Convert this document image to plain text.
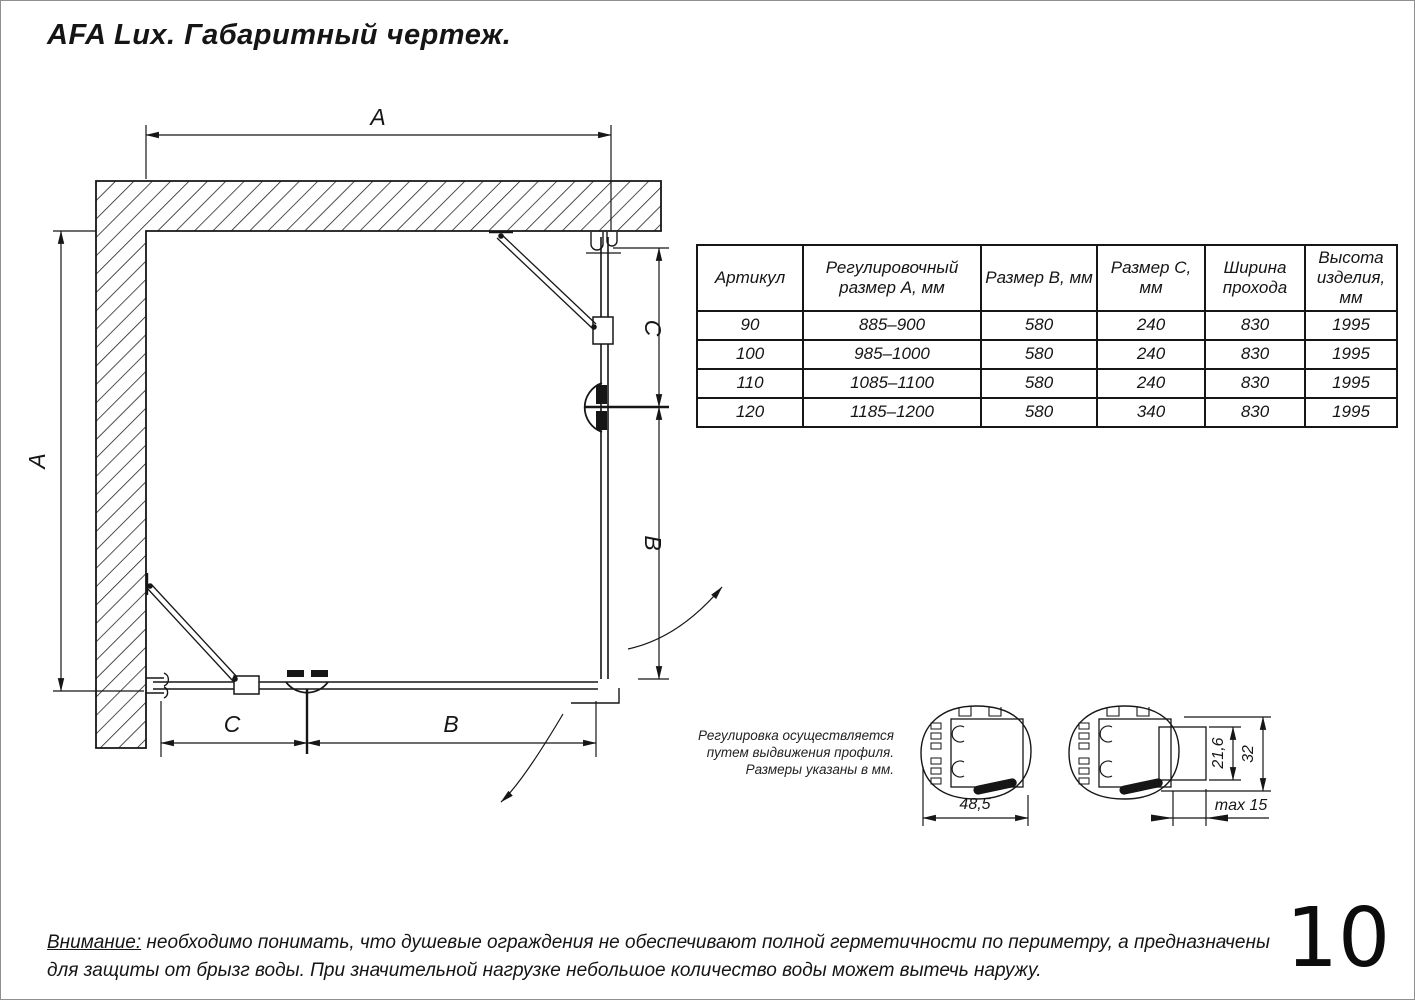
AFA Lux. Габаритный чертеж.
A
A
C
B
C	B
48,5
21,6 32
max 15
Артикул	Регулировочный размер А, мм	Размер В, мм	Размер С, мм	Ширина прохода	Высота изделия, мм
90	885–900	580	240	830	1995
100	985–1000	580	240	830	1995
110	1085–1100	580	240	830	1995
120	1185–1200	580	340	830	1995
Регулировка осуществляется
путем выдвижения профиля.
Размеры указаны в мм.
Внимание: необходимо понимать, что душевые ограждения не обеспечивают полной герметичности по периметру, а предназначены
для защиты от брызг воды. При значительной нагрузке небольшое количество воды может вытечь наружу.	10
